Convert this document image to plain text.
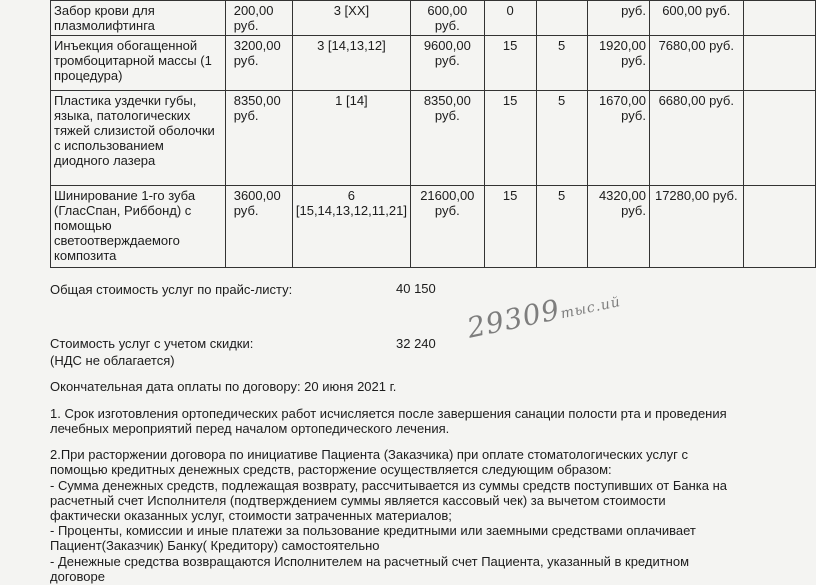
Забор крови для плазмолифтинга	200,00 руб.	3 [XX]	600,00 руб.	0		руб.	600,00 руб.	
Инъекция обогащенной тромбоцитарной массы (1 процедура)	3200,00 руб.	3 [14,13,12]	9600,00 руб.	15	5	1920,00 руб.	7680,00 руб.	
Пластика уздечки губы, языка, патологических тяжей слизистой оболочки с использованием диодного лазера	8350,00 руб.	1 [14]	8350,00 руб.	15	5	1670,00 руб.	6680,00 руб.	
Шинирование 1-го зуба (ГласСпан, Риббонд) с помощью светоотверждаемого композита	3600,00 руб.	6 [15,14,13,12,11,21]	21600,00 руб.	15	5	4320,00 руб.	17280,00 руб.	
Общая стоимость услуг по прайс-листу:	40 150
Стоимость услуг с учетом скидки:	32 240
(НДС не облагается)
29309тыс.ий
Окончательная дата оплаты по договору: 20 июня 2021 г.
1. Срок изготовления ортопедических работ исчисляется после завершения санации полости рта и проведения
лечебных мероприятий перед началом ортопедического лечения.
2.При расторжении договора по инициативе Пациента (Заказчика) при оплате стоматологических услуг с
помощью кредитных денежных средств, расторжение осуществляется следующим образом:
- Сумма денежных средств, подлежащая возврату, рассчитывается из суммы средств поступивших от Банка на
расчетный счет Исполнителя (подтверждением суммы является кассовый чек) за вычетом стоимости
фактически оказанных услуг, стоимости затраченных материалов;
- Проценты, комиссии и иные платежи за пользование кредитными или заемными средствами оплачивает
Пациент(Заказчик) Банку( Кредитору) самостоятельно
- Денежные средства возвращаются Исполнителем на расчетный счет Пациента, указанный в кредитном
договоре
